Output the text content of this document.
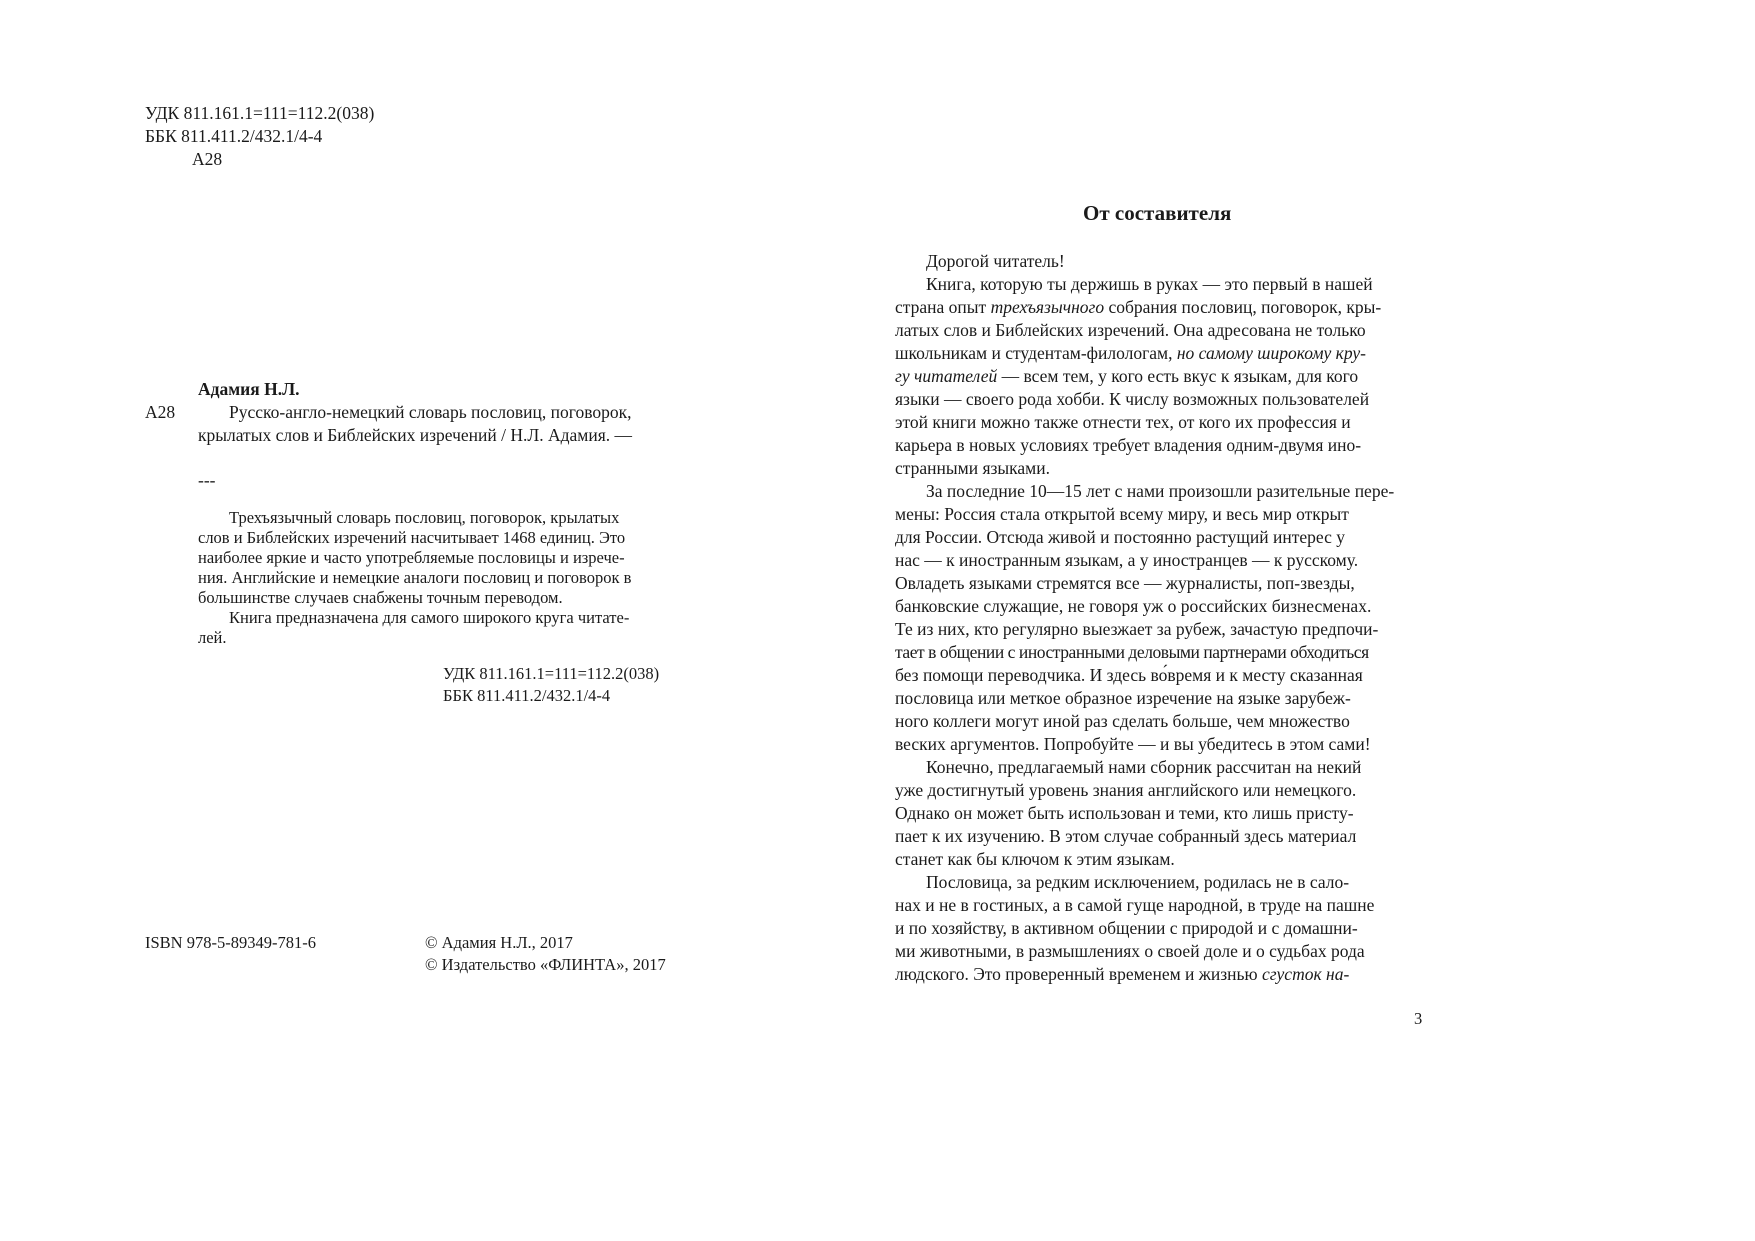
УДК 811.161.1=111=112.2(038)
ББК 811.411.2/432.1/4-4
А28
Адамия Н.Л.
А28	Русско-англо-немецкий словарь пословиц, поговорок,
крылатых слов и Библейских изречений / Н.Л. Адамия. —
---
Трехъязычный словарь пословиц, поговорок, крылатых
слов и Библейских изречений насчитывает 1468 единиц. Это
наиболее яркие и часто употребляемые пословицы и изрече-
ния. Английские и немецкие аналоги пословиц и поговорок в
большинстве случаев снабжены точным переводом.
Книга предназначена для самого широкого круга читате-
лей.
УДК 811.161.1=111=112.2(038)
ББК 811.411.2/432.1/4-4
ISBN 978-5-89349-781-6	© Адамия Н.Л., 2017
© Издательство «ФЛИНТА», 2017
От составителя
Дорогой читатель!
Книга, которую ты держишь в руках — это первый в нашей
страна опыт трехъязычного собрания пословиц, поговорок, кры-
латых слов и Библейских изречений. Она адресована не только
школьникам и студентам-филологам, но самому широкому кру-
гу читателей — всем тем, у кого есть вкус к языкам, для кого
языки — своего рода хобби. К числу возможных пользователей
этой книги можно также отнести тех, от кого их профессия и
карьера в новых условиях требует владения одним-двумя ино-
странными языками.
За последние 10—15 лет с нами произошли разительные пере-
мены: Россия стала открытой всему миру, и весь мир открыт
для России. Отсюда живой и постоянно растущий интерес у
нас — к иностранным языкам, а у иностранцев — к русскому.
Овладеть языками стремятся все — журналисты, поп-звезды,
банковские служащие, не говоря уж о российских бизнесменах.
Те из них, кто регулярно выезжает за рубеж, зачастую предпочи-
тает в общении с иностранными деловыми партнерами обходиться
без помощи переводчика. И здесь во́время и к месту сказанная
пословица или меткое образное изречение на языке зарубеж-
ного коллеги могут иной раз сделать больше, чем множество
веских аргументов. Попробуйте — и вы убедитесь в этом сами!
Конечно, предлагаемый нами сборник рассчитан на некий
уже достигнутый уровень знания английского или немецкого.
Однако он может быть использован и теми, кто лишь присту-
пает к их изучению. В этом случае собранный здесь материал
станет как бы ключом к этим языкам.
Пословица, за редким исключением, родилась не в сало-
нах и не в гостиных, а в самой гуще народной, в труде на пашне
и по хозяйству, в активном общении с природой и с домашни-
ми животными, в размышлениях о своей доле и о судьбах рода
людского. Это проверенный временем и жизнью сгусток на-
3
